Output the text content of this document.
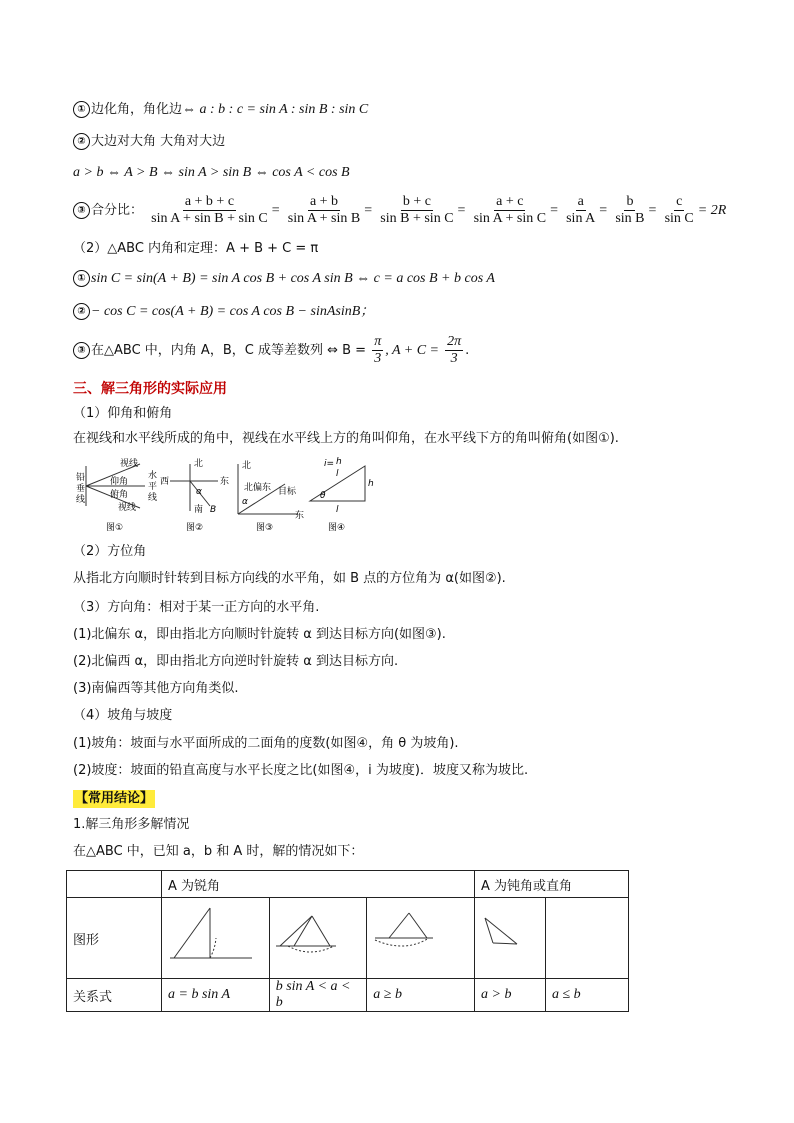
① 边化角，角化边⇔ a : b : c = sin A : sin B : sin C
② 大边对大角 大角对大边
a > b ⇔ A > B ⇔ sin A > sin B ⇔ cos A < cos B
③ 合分比： $\frac{a + b + c}{\text{sin A + sin B + sin C}} = \frac{a + b}{\text{sin A + sin B}} = \frac{b + c}{\text{sin B + sin C}} = \frac{a + c}{\text{sin A + sin C}} = \frac{a}{\text{sin A}} = \frac{b}{\text{sin B}} = \frac{c}{\text{sin C}} = 2R$
（2）△ABC 内角和定理：A + B + C = π
① sin C = sin(A + B) = sin A cos B + cos A sin B ⇔ c = a cos B + b cos A
② − cos C = cos(A + B) = cos A cos B − sinAsinB；
③ 在△ABC 中，内角 A，B，C 成等差数列 ⇔ $B = \frac{\pi}{3}$ , $A + C = \frac{2\pi}{3}$ .
三、解三角形的实际应用
（1）仰角和俯角
在视线和水平线所成的角中，视线在水平线上方的角叫仰角，在水平线下方的角叫俯角(如图①).
视线
铅
垂
线
仰角
俯角
视线
水
平
线
图①
北
西	东
南
α
B
图②
北
北偏东 目标
α
东
图③
i= h
l
h
θ
l
图④
（2）方位角
从指北方向顺时针转到目标方向线的水平角，如 B 点的方位角为 α(如图②).
（3）方向角：相对于某一正方向的水平角.
(1)北偏东 α，即由指北方向顺时针旋转 α 到达目标方向(如图③).
(2)北偏西 α，即由指北方向逆时针旋转 α 到达目标方向.
(3)南偏西等其他方向角类似.
（4）坡角与坡度
(1)坡角：坡面与水平面所成的二面角的度数(如图④，角 θ 为坡角).
(2)坡度：坡面的铅直高度与水平长度之比(如图④，i 为坡度)．坡度又称为坡比.
【常用结论】
1.解三角形多解情况
在△ABC 中，已知 a，b 和 A 时，解的情况如下：
	A 为锐角			A 为钝角或直角	
图形					
关系式	a = b sin A	b sin A < a < b	a ≥ b	a > b	a ≤ b
